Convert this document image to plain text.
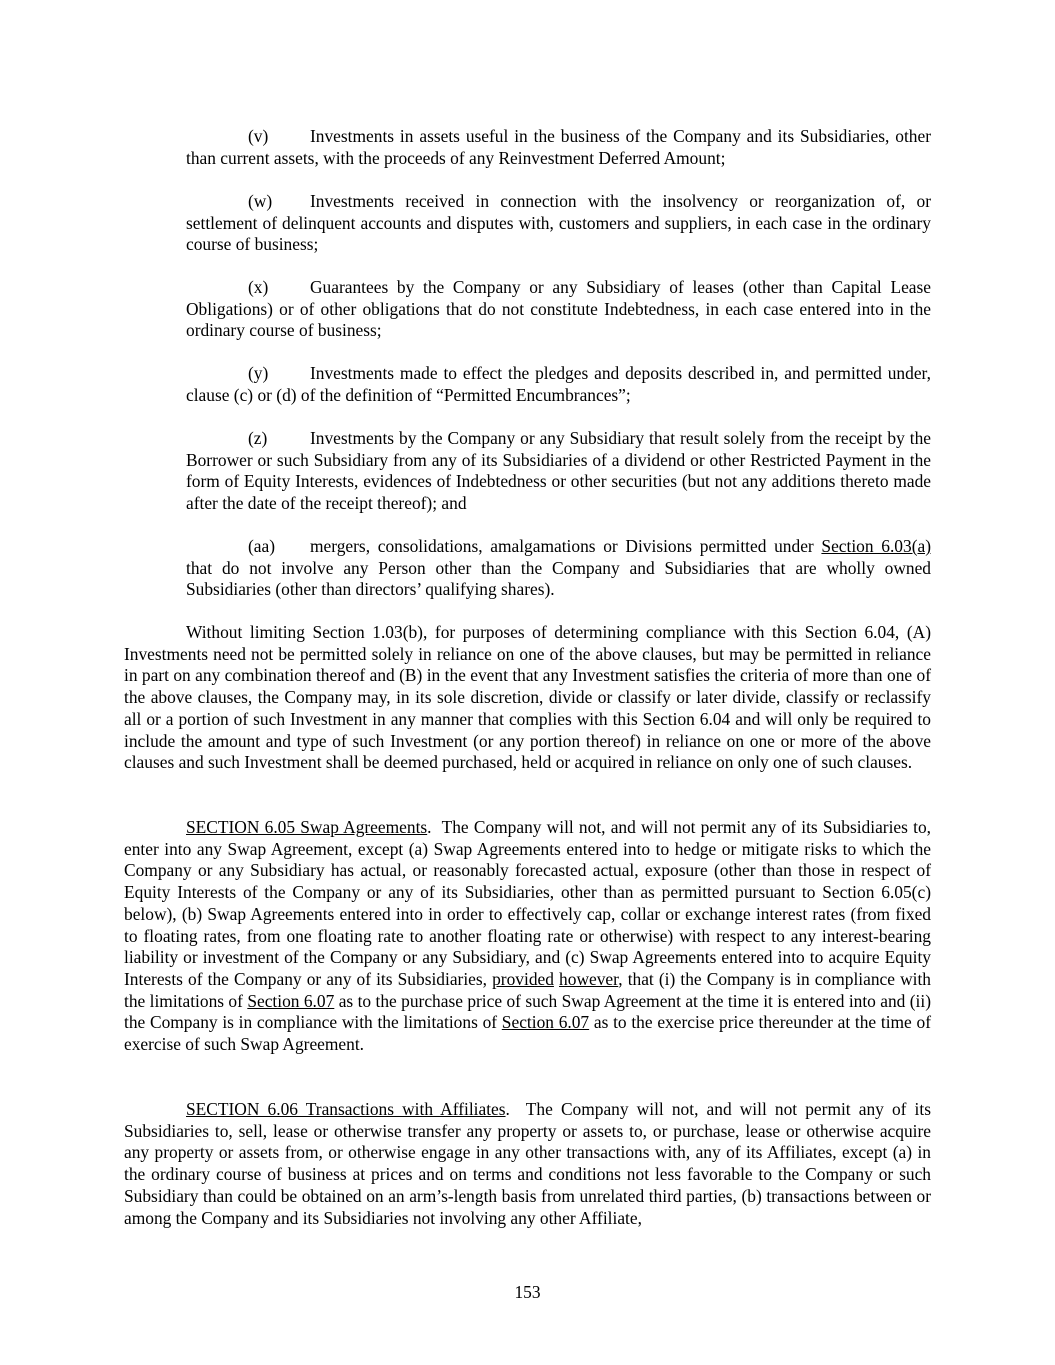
(v) Investments in assets useful in the business of the Company and its Subsidiaries, other than current assets, with the proceeds of any Reinvestment Deferred Amount;

(w) Investments received in connection with the insolvency or reorganization of, or settlement of delinquent accounts and disputes with, customers and suppliers, in each case in the ordinary course of business;

(x) Guarantees by the Company or any Subsidiary of leases (other than Capital Lease Obligations) or of other obligations that do not constitute Indebtedness, in each case entered into in the ordinary course of business;

(y) Investments made to effect the pledges and deposits described in, and permitted under, clause (c) or (d) of the definition of “Permitted Encumbrances”;

(z) Investments by the Company or any Subsidiary that result solely from the receipt by the Borrower or such Subsidiary from any of its Subsidiaries of a dividend or other Restricted Payment in the form of Equity Interests, evidences of Indebtedness or other securities (but not any additions thereto made after the date of the receipt thereof); and

(aa) mergers, consolidations, amalgamations or Divisions permitted under Section 6.03(a) that do not involve any Person other than the Company and Subsidiaries that are wholly owned Subsidiaries (other than directors’ qualifying shares).

Without limiting Section 1.03(b), for purposes of determining compliance with this Section 6.04, (A) Investments need not be permitted solely in reliance on one of the above clauses, but may be permitted in reliance in part on any combination thereof and (B) in the event that any Investment satisfies the criteria of more than one of the above clauses, the Company may, in its sole discretion, divide or classify or later divide, classify or reclassify all or a portion of such Investment in any manner that complies with this Section 6.04 and will only be required to include the amount and type of such Investment (or any portion thereof) in reliance on one or more of the above clauses and such Investment shall be deemed purchased, held or acquired in reliance on only one of such clauses.

SECTION 6.05 Swap Agreements.  The Company will not, and will not permit any of its Subsidiaries to, enter into any Swap Agreement, except (a) Swap Agreements entered into to hedge or mitigate risks to which the Company or any Subsidiary has actual, or reasonably forecasted actual, exposure (other than those in respect of Equity Interests of the Company or any of its Subsidiaries, other than as permitted pursuant to Section 6.05(c) below), (b) Swap Agreements entered into in order to effectively cap, collar or exchange interest rates (from fixed to floating rates, from one floating rate to another floating rate or otherwise) with respect to any interest-bearing liability or investment of the Company or any Subsidiary, and (c) Swap Agreements entered into to acquire Equity Interests of the Company or any of its Subsidiaries, provided however, that (i) the Company is in compliance with the limitations of Section 6.07 as to the purchase price of such Swap Agreement at the time it is entered into and (ii) the Company is in compliance with the limitations of Section 6.07 as to the exercise price thereunder at the time of exercise of such Swap Agreement.

SECTION 6.06 Transactions with Affiliates.  The Company will not, and will not permit any of its Subsidiaries to, sell, lease or otherwise transfer any property or assets to, or purchase, lease or otherwise acquire any property or assets from, or otherwise engage in any other transactions with, any of its Affiliates, except (a) in the ordinary course of business at prices and on terms and conditions not less favorable to the Company or such Subsidiary than could be obtained on an arm’s-length basis from unrelated third parties, (b) transactions between or among the Company and its Subsidiaries not involving any other Affiliate,

153
